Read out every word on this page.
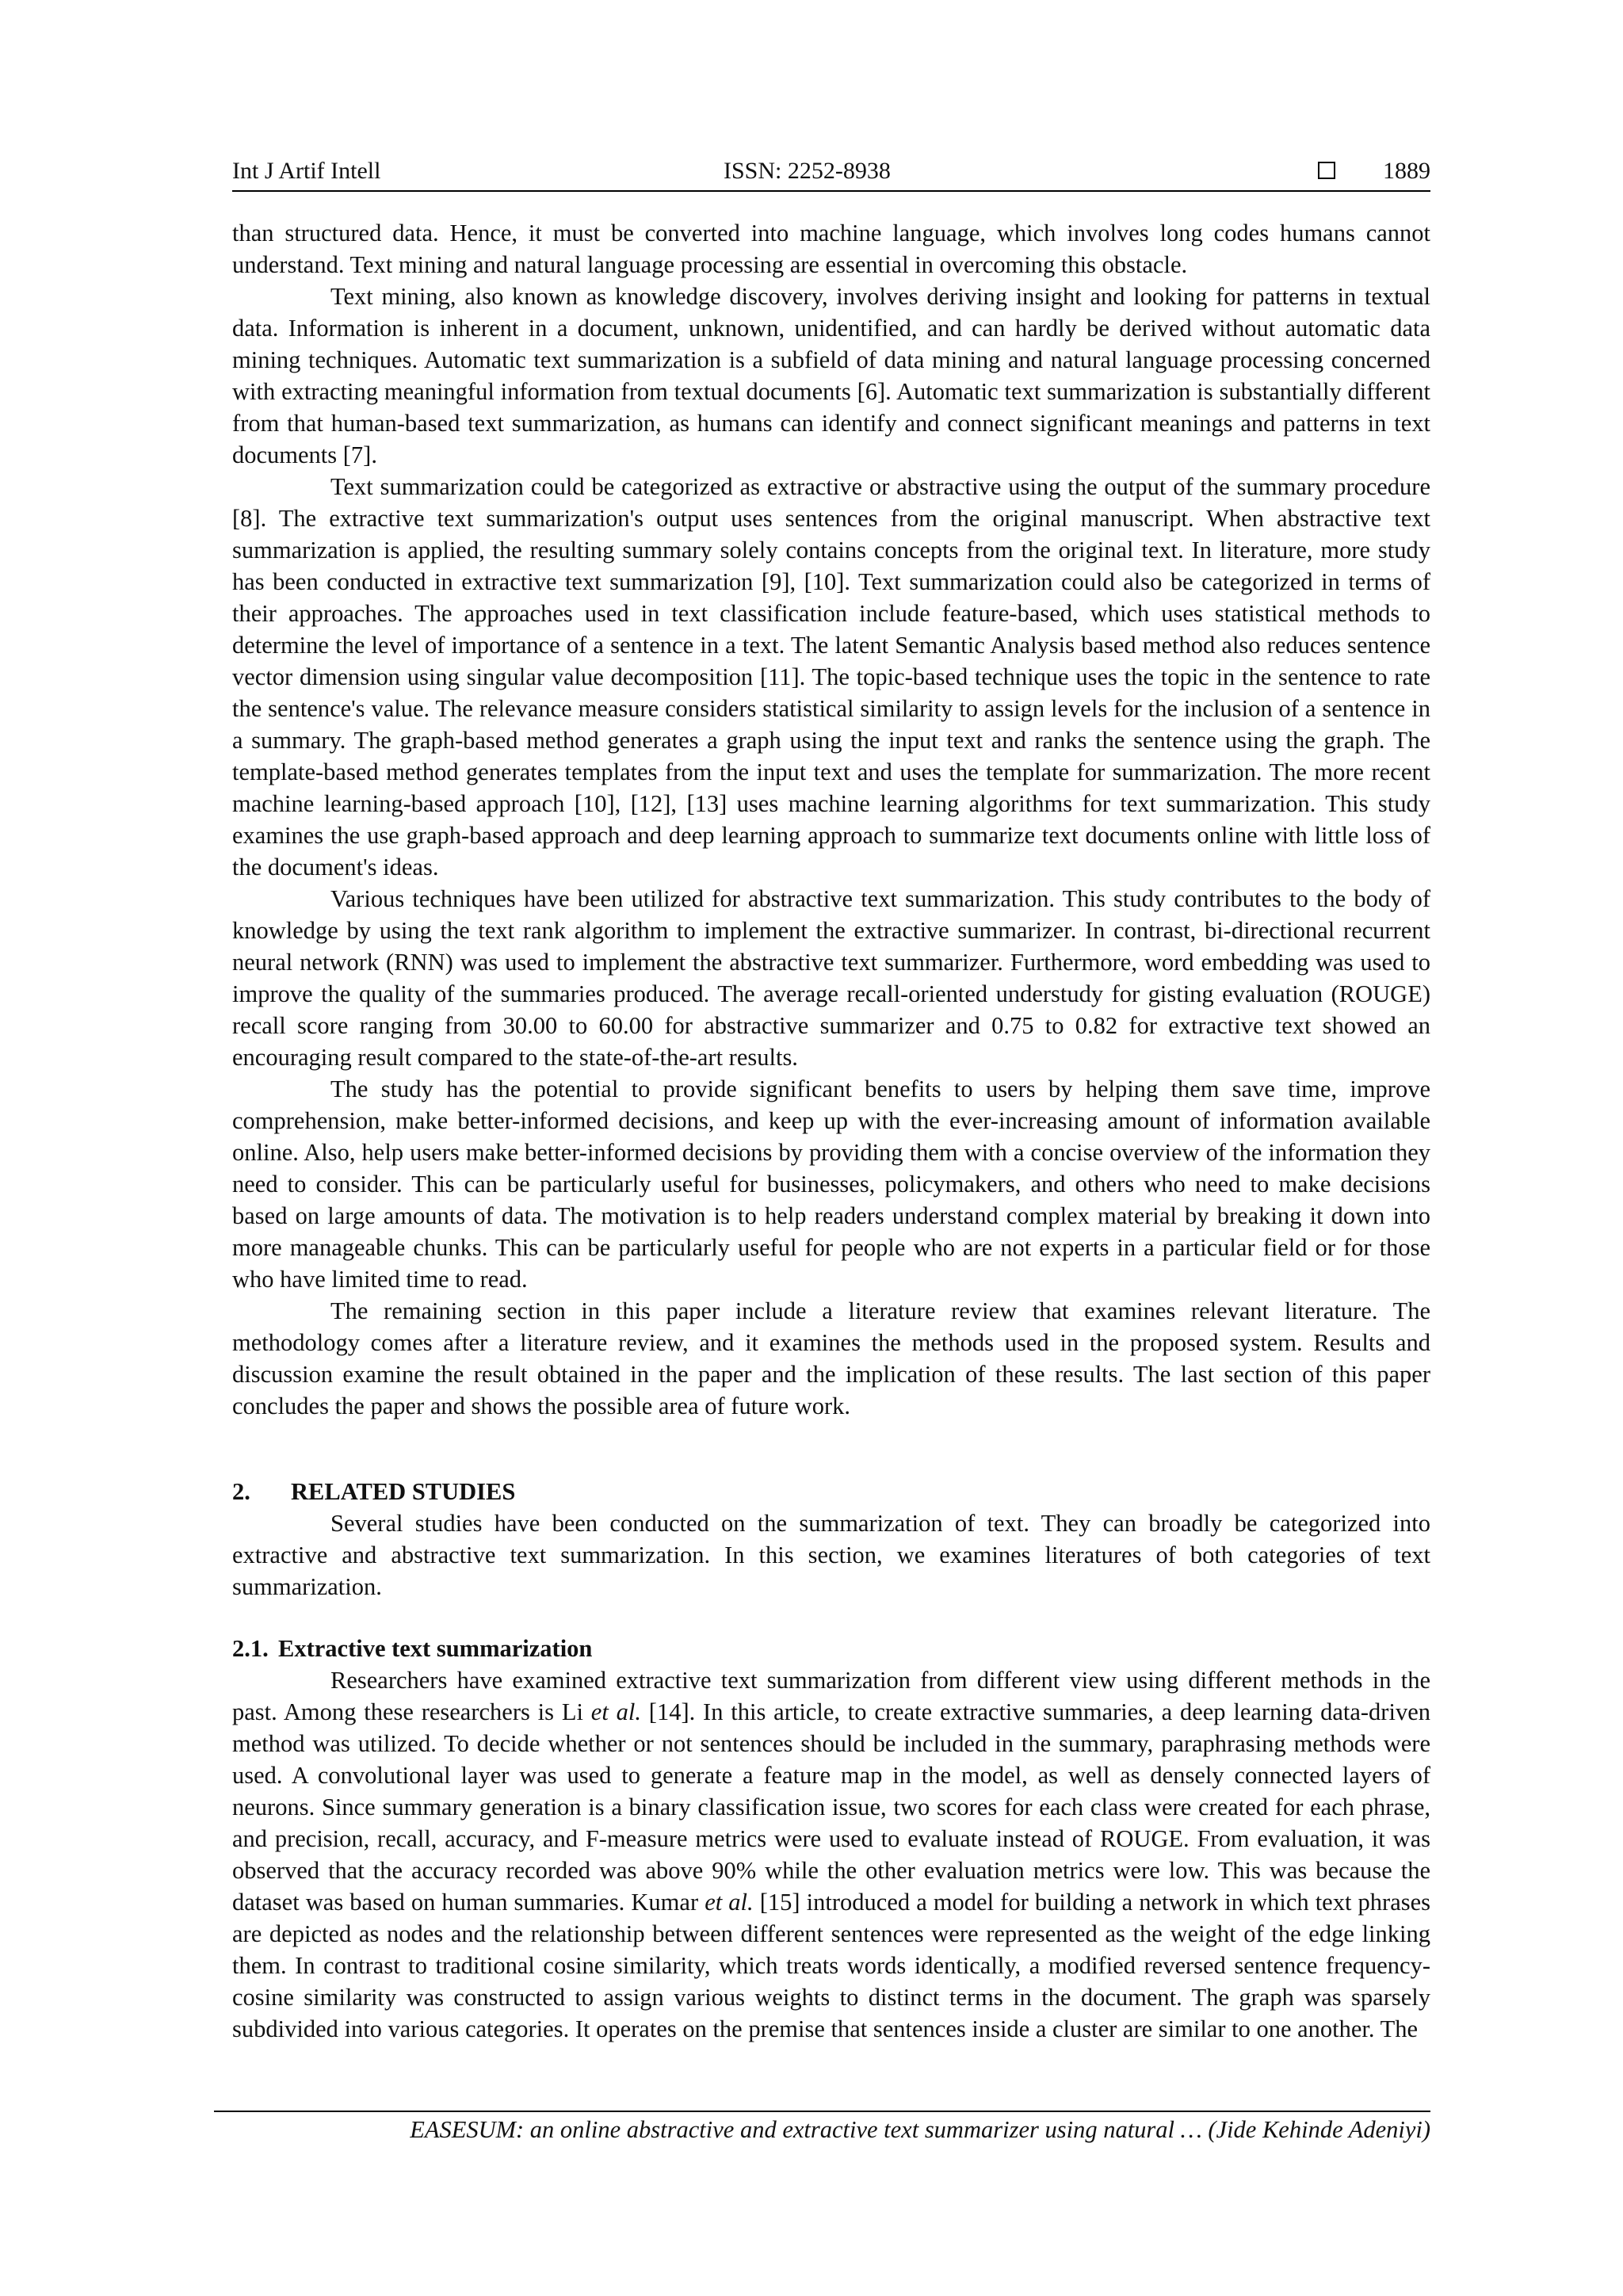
Int J Artif Intell	ISSN: 2252-8938	1889

than structured data. Hence, it must be converted into machine language, which involves long codes humans cannot understand. Text mining and natural language processing are essential in overcoming this obstacle.

Text mining, also known as knowledge discovery, involves deriving insight and looking for patterns in textual data. Information is inherent in a document, unknown, unidentified, and can hardly be derived without automatic data mining techniques. Automatic text summarization is a subfield of data mining and natural language processing concerned with extracting meaningful information from textual documents [6]. Automatic text summarization is substantially different from that human-based text summarization, as humans can identify and connect significant meanings and patterns in text documents [7].

Text summarization could be categorized as extractive or abstractive using the output of the summary procedure [8]. The extractive text summarization's output uses sentences from the original manuscript. When abstractive text summarization is applied, the resulting summary solely contains concepts from the original text. In literature, more study has been conducted in extractive text summarization [9], [10]. Text summarization could also be categorized in terms of their approaches. The approaches used in text classification include feature-based, which uses statistical methods to determine the level of importance of a sentence in a text. The latent Semantic Analysis based method also reduces sentence vector dimension using singular value decomposition [11]. The topic-based technique uses the topic in the sentence to rate the sentence's value. The relevance measure considers statistical similarity to assign levels for the inclusion of a sentence in a summary. The graph-based method generates a graph using the input text and ranks the sentence using the graph. The template-based method generates templates from the input text and uses the template for summarization. The more recent machine learning-based approach [10], [12], [13] uses machine learning algorithms for text summarization. This study examines the use graph-based approach and deep learning approach to summarize text documents online with little loss of the document's ideas.

Various techniques have been utilized for abstractive text summarization. This study contributes to the body of knowledge by using the text rank algorithm to implement the extractive summarizer. In contrast, bi-directional recurrent neural network (RNN) was used to implement the abstractive text summarizer. Furthermore, word embedding was used to improve the quality of the summaries produced. The average recall-oriented understudy for gisting evaluation (ROUGE) recall score ranging from 30.00 to 60.00 for abstractive summarizer and 0.75 to 0.82 for extractive text showed an encouraging result compared to the state-of-the-art results.

The study has the potential to provide significant benefits to users by helping them save time, improve comprehension, make better-informed decisions, and keep up with the ever-increasing amount of information available online. Also, help users make better-informed decisions by providing them with a concise overview of the information they need to consider. This can be particularly useful for businesses, policymakers, and others who need to make decisions based on large amounts of data. The motivation is to help readers understand complex material by breaking it down into more manageable chunks. This can be particularly useful for people who are not experts in a particular field or for those who have limited time to read.

The remaining section in this paper include a literature review that examines relevant literature. The methodology comes after a literature review, and it examines the methods used in the proposed system. Results and discussion examine the result obtained in the paper and the implication of these results. The last section of this paper concludes the paper and shows the possible area of future work.

2. RELATED STUDIES

Several studies have been conducted on the summarization of text. They can broadly be categorized into extractive and abstractive text summarization. In this section, we examines literatures of both categories of text summarization.

2.1. Extractive text summarization

Researchers have examined extractive text summarization from different view using different methods in the past. Among these researchers is Li et al. [14]. In this article, to create extractive summaries, a deep learning data-driven method was utilized. To decide whether or not sentences should be included in the summary, paraphrasing methods were used. A convolutional layer was used to generate a feature map in the model, as well as densely connected layers of neurons. Since summary generation is a binary classification issue, two scores for each class were created for each phrase, and precision, recall, accuracy, and F-measure metrics were used to evaluate instead of ROUGE. From evaluation, it was observed that the accuracy recorded was above 90% while the other evaluation metrics were low. This was because the dataset was based on human summaries. Kumar et al. [15] introduced a model for building a network in which text phrases are depicted as nodes and the relationship between different sentences were represented as the weight of the edge linking them. In contrast to traditional cosine similarity, which treats words identically, a modified reversed sentence frequency-cosine similarity was constructed to assign various weights to distinct terms in the document. The graph was sparsely subdivided into various categories. It operates on the premise that sentences inside a cluster are similar to one another. The

EASESUM: an online abstractive and extractive text summarizer using natural … (Jide Kehinde Adeniyi)
